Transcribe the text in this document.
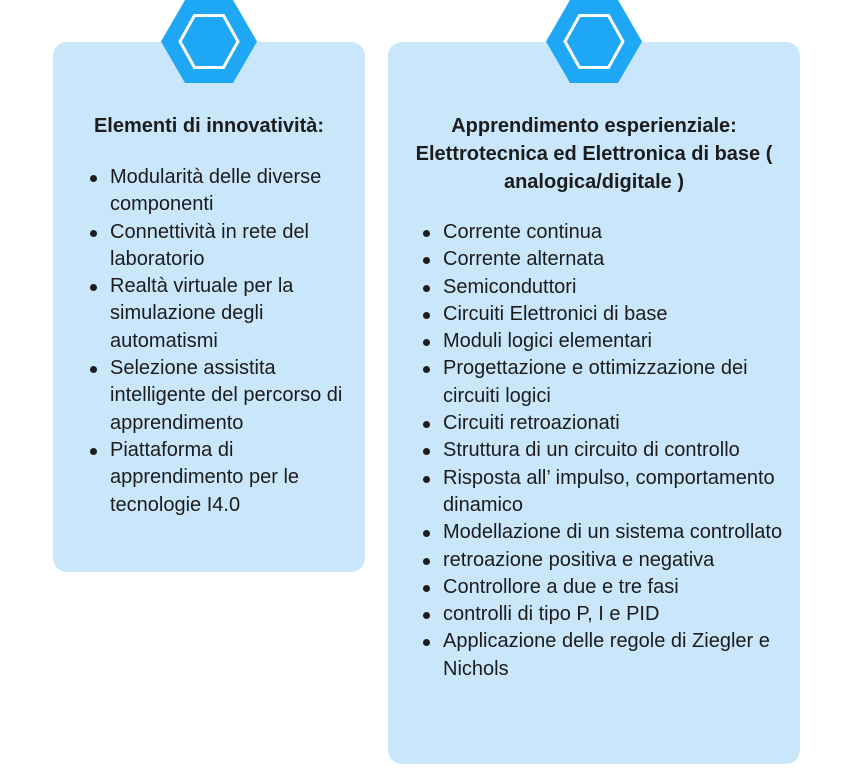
Elementi di innovatività:
Modularità delle diverse componenti
Connettività in rete del laboratorio
Realtà virtuale per la simulazione degli automatismi
Selezione assistita intelligente del percorso di apprendimento
Piattaforma di apprendimento per le tecnologie I4.0
Apprendimento esperienziale: Elettrotecnica ed Elettronica di base ( analogica/digitale )
Corrente continua
Corrente alternata
Semiconduttori
Circuiti Elettronici di base
Moduli logici elementari
Progettazione e ottimizzazione dei circuiti logici
Circuiti retroazionati
Struttura di un circuito di controllo
Risposta all’ impulso, comportamento dinamico
Modellazione di un sistema controllato
retroazione positiva e negativa
Controllore a due e tre fasi
controlli di tipo P, I e PID
Applicazione delle regole di Ziegler e Nichols
